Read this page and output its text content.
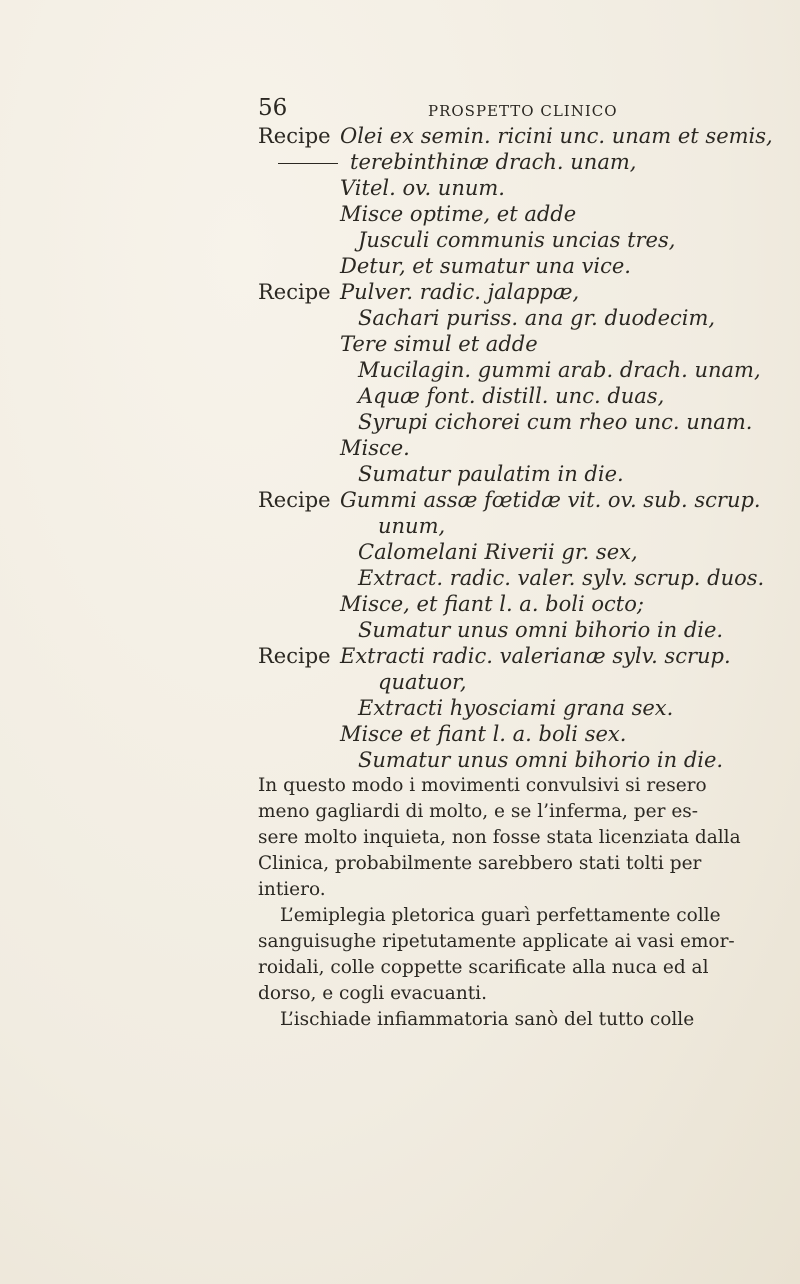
56	PROSPETTO CLINICO
Recipe Olei ex semin. ricini unc. unam et semis,
terebinthinæ drach. unam,
Vitel. ov. unum.
Misce optime, et adde
Jusculi communis uncias tres,
Detur, et sumatur una vice.
Recipe Pulver. radic. jalappæ,
Sachari puriss. ana gr. duodecim,
Tere simul et adde
Mucilagin. gummi arab. drach. unam,
Aquæ font. distill. unc. duas,
Syrupi cichorei cum rheo unc. unam.
Misce.
Sumatur paulatim in die.
Recipe Gummi assæ fœtidæ vit. ov. sub. scrup.
unum,
Calomelani Riverii gr. sex,
Extract. radic. valer. sylv. scrup. duos.
Misce, et fiant l. a. boli octo;
Sumatur unus omni bihorio in die.
Recipe Extracti radic. valerianæ sylv. scrup.
quatuor,
Extracti hyosciami grana sex.
Misce et fiant l. a. boli sex.
Sumatur unus omni bihorio in die.
In questo modo i movimenti convulsivi si resero
meno gagliardi di molto, e se l’inferma, per es-
sere molto inquieta, non fosse stata licenziata dalla
Clinica, probabilmente sarebbero stati tolti per
intiero.
L’emiplegia pletorica guarì perfettamente colle
sanguisughe ripetutamente applicate ai vasi emor-
roidali, colle coppette scarificate alla nuca ed al
dorso, e cogli evacuanti.
L’ischiade infiammatoria sanò del tutto colle
